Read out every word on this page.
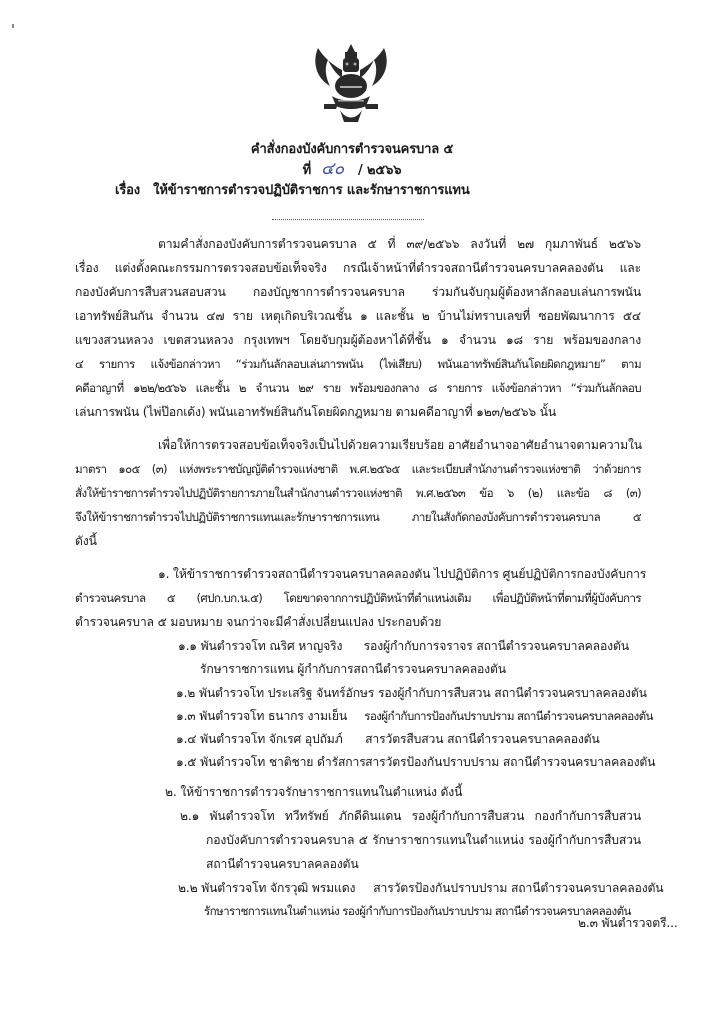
คำสั่งกองบังคับการตำรวจนครบาล ๕
ที่ ๔๐ / ๒๕๖๖
เรื่อง ให้ข้าราชการตำรวจปฏิบัติราชการ และรักษาราชการแทน
ตามคำสั่งกองบังคับการตำรวจนครบาล ๕ ที่ ๓๙/๒๕๖๖ ลงวันที่ ๒๗ กุมภาพันธ์ ๒๕๖๖
เรื่อง แต่งตั้งคณะกรรมการตรวจสอบข้อเท็จจริง กรณีเจ้าหน้าที่ตำรวจสถานีตำรวจนครบาลคลองตัน และ
กองบังคับการสืบสวนสอบสวน กองบัญชาการตำรวจนครบาล ร่วมกันจับกุมผู้ต้องหาลักลอบเล่นการพนัน
เอาทรัพย์สินกัน จำนวน ๔๗ ราย เหตุเกิดบริเวณชั้น ๑ และชั้น ๒ บ้านไม่ทราบเลขที่ ซอยพัฒนาการ ๕๔
แขวงสวนหลวง เขตสวนหลวง กรุงเทพฯ โดยจับกุมผู้ต้องหาได้ที่ชั้น ๑ จำนวน ๑๘ ราย พร้อมของกลาง
๔ รายการ แจ้งข้อกล่าวหา “ร่วมกันลักลอบเล่นการพนัน (ไพ่เสียบ) พนันเอาทรัพย์สินกันโดยผิดกฎหมาย” ตาม
คดีอาญาที่ ๑๒๒/๒๕๖๖ และชั้น ๒ จำนวน ๒๙ ราย พร้อมของกลาง ๘ รายการ แจ้งข้อกล่าวหา “ร่วมกันลักลอบ
เล่นการพนัน (ไพ่ป๊อกเด้ง) พนันเอาทรัพย์สินกันโดยผิดกฎหมาย ตามคดีอาญาที่ ๑๒๓/๒๕๖๖ นั้น
เพื่อให้การตรวจสอบข้อเท็จจริงเป็นไปด้วยความเรียบร้อย อาศัยอำนาจอาศัยอำนาจตามความใน
มาตรา ๑๐๕ (๓) แห่งพระราชบัญญัติตำรวจแห่งชาติ พ.ศ.๒๕๖๕ และระเบียบสำนักงานตำรวจแห่งชาติ ว่าด้วยการ
สั่งให้ข้าราชการตำรวจไปปฏิบัติรายการภายในสำนักงานตำรวจแห่งชาติ พ.ศ.๒๕๖๓ ข้อ ๖ (๒) และข้อ ๘ (๓)
จึงให้ข้าราชการตำรวจไปปฏิบัติราชการแทนและรักษาราชการแทน ภายในสังกัดกองบังคับการตำรวจนครบาล ๕
ดังนี้
๑. ให้ข้าราชการตำรวจสถานีตำรวจนครบาลคลองตัน ไปปฏิบัติการ ศูนย์ปฏิบัติการกองบังคับการ
ตำรวจนครบาล ๕ (ศปก.บก.น.๕) โดยขาดจากการปฏิบัติหน้าที่ตำแหน่งเดิม เพื่อปฏิบัติหน้าที่ตามที่ผู้บังคับการ
ตำรวจนครบาล ๕ มอบหมาย จนกว่าจะมีคำสั่งเปลี่ยนแปลง ประกอบด้วย
๑.๑ พันตำรวจโท ณริศ หาญจริง รองผู้กำกับการจราจร สถานีตำรวจนครบาลคลองตัน
รักษาราชการแทน ผู้กำกับการสถานีตำรวจนครบาลคลองตัน
๑.๒ พันตำรวจโท ประเสริฐ จันทร์อักษร รองผู้กำกับการสืบสวน สถานีตำรวจนครบาลคลองตัน
๑.๓ พันตำรวจโท ธนากร งามเย็น รองผู้กำกับการป้องกันปราบปราม สถานีตำรวจนครบาลคลองตัน
๑.๔ พันตำรวจโท จักเรศ อุปถัมภ์ สารวัตรสืบสวน สถานีตำรวจนครบาลคลองตัน
๑.๕ พันตำรวจโท ชาติชาย ดำรัสการสารวัตรป้องกันปราบปราม สถานีตำรวจนครบาลคลองตัน
๒. ให้ข้าราชการตำรวจรักษาราชการแทนในตำแหน่ง ดังนี้
๒.๑ พันตำรวจโท ทวีทรัพย์ ภักดีดินแดน รองผู้กำกับการสืบสวน กองกำกับการสืบสวน
กองบังคับการตำรวจนครบาล ๕ รักษาราชการแทนในตำแหน่ง รองผู้กำกับการสืบสวน
สถานีตำรวจนครบาลคลองตัน
๒.๒ พันตำรวจโท จักรวุฒิ พรมแดง สารวัตรป้องกันปราบปราม สถานีตำรวจนครบาลคลองตัน
รักษาราชการแทนในตำแหน่ง รองผู้กำกับการป้องกันปราบปราม สถานีตำรวจนครบาลคลองตัน
๒.๓ พันตำรวจตรี...
